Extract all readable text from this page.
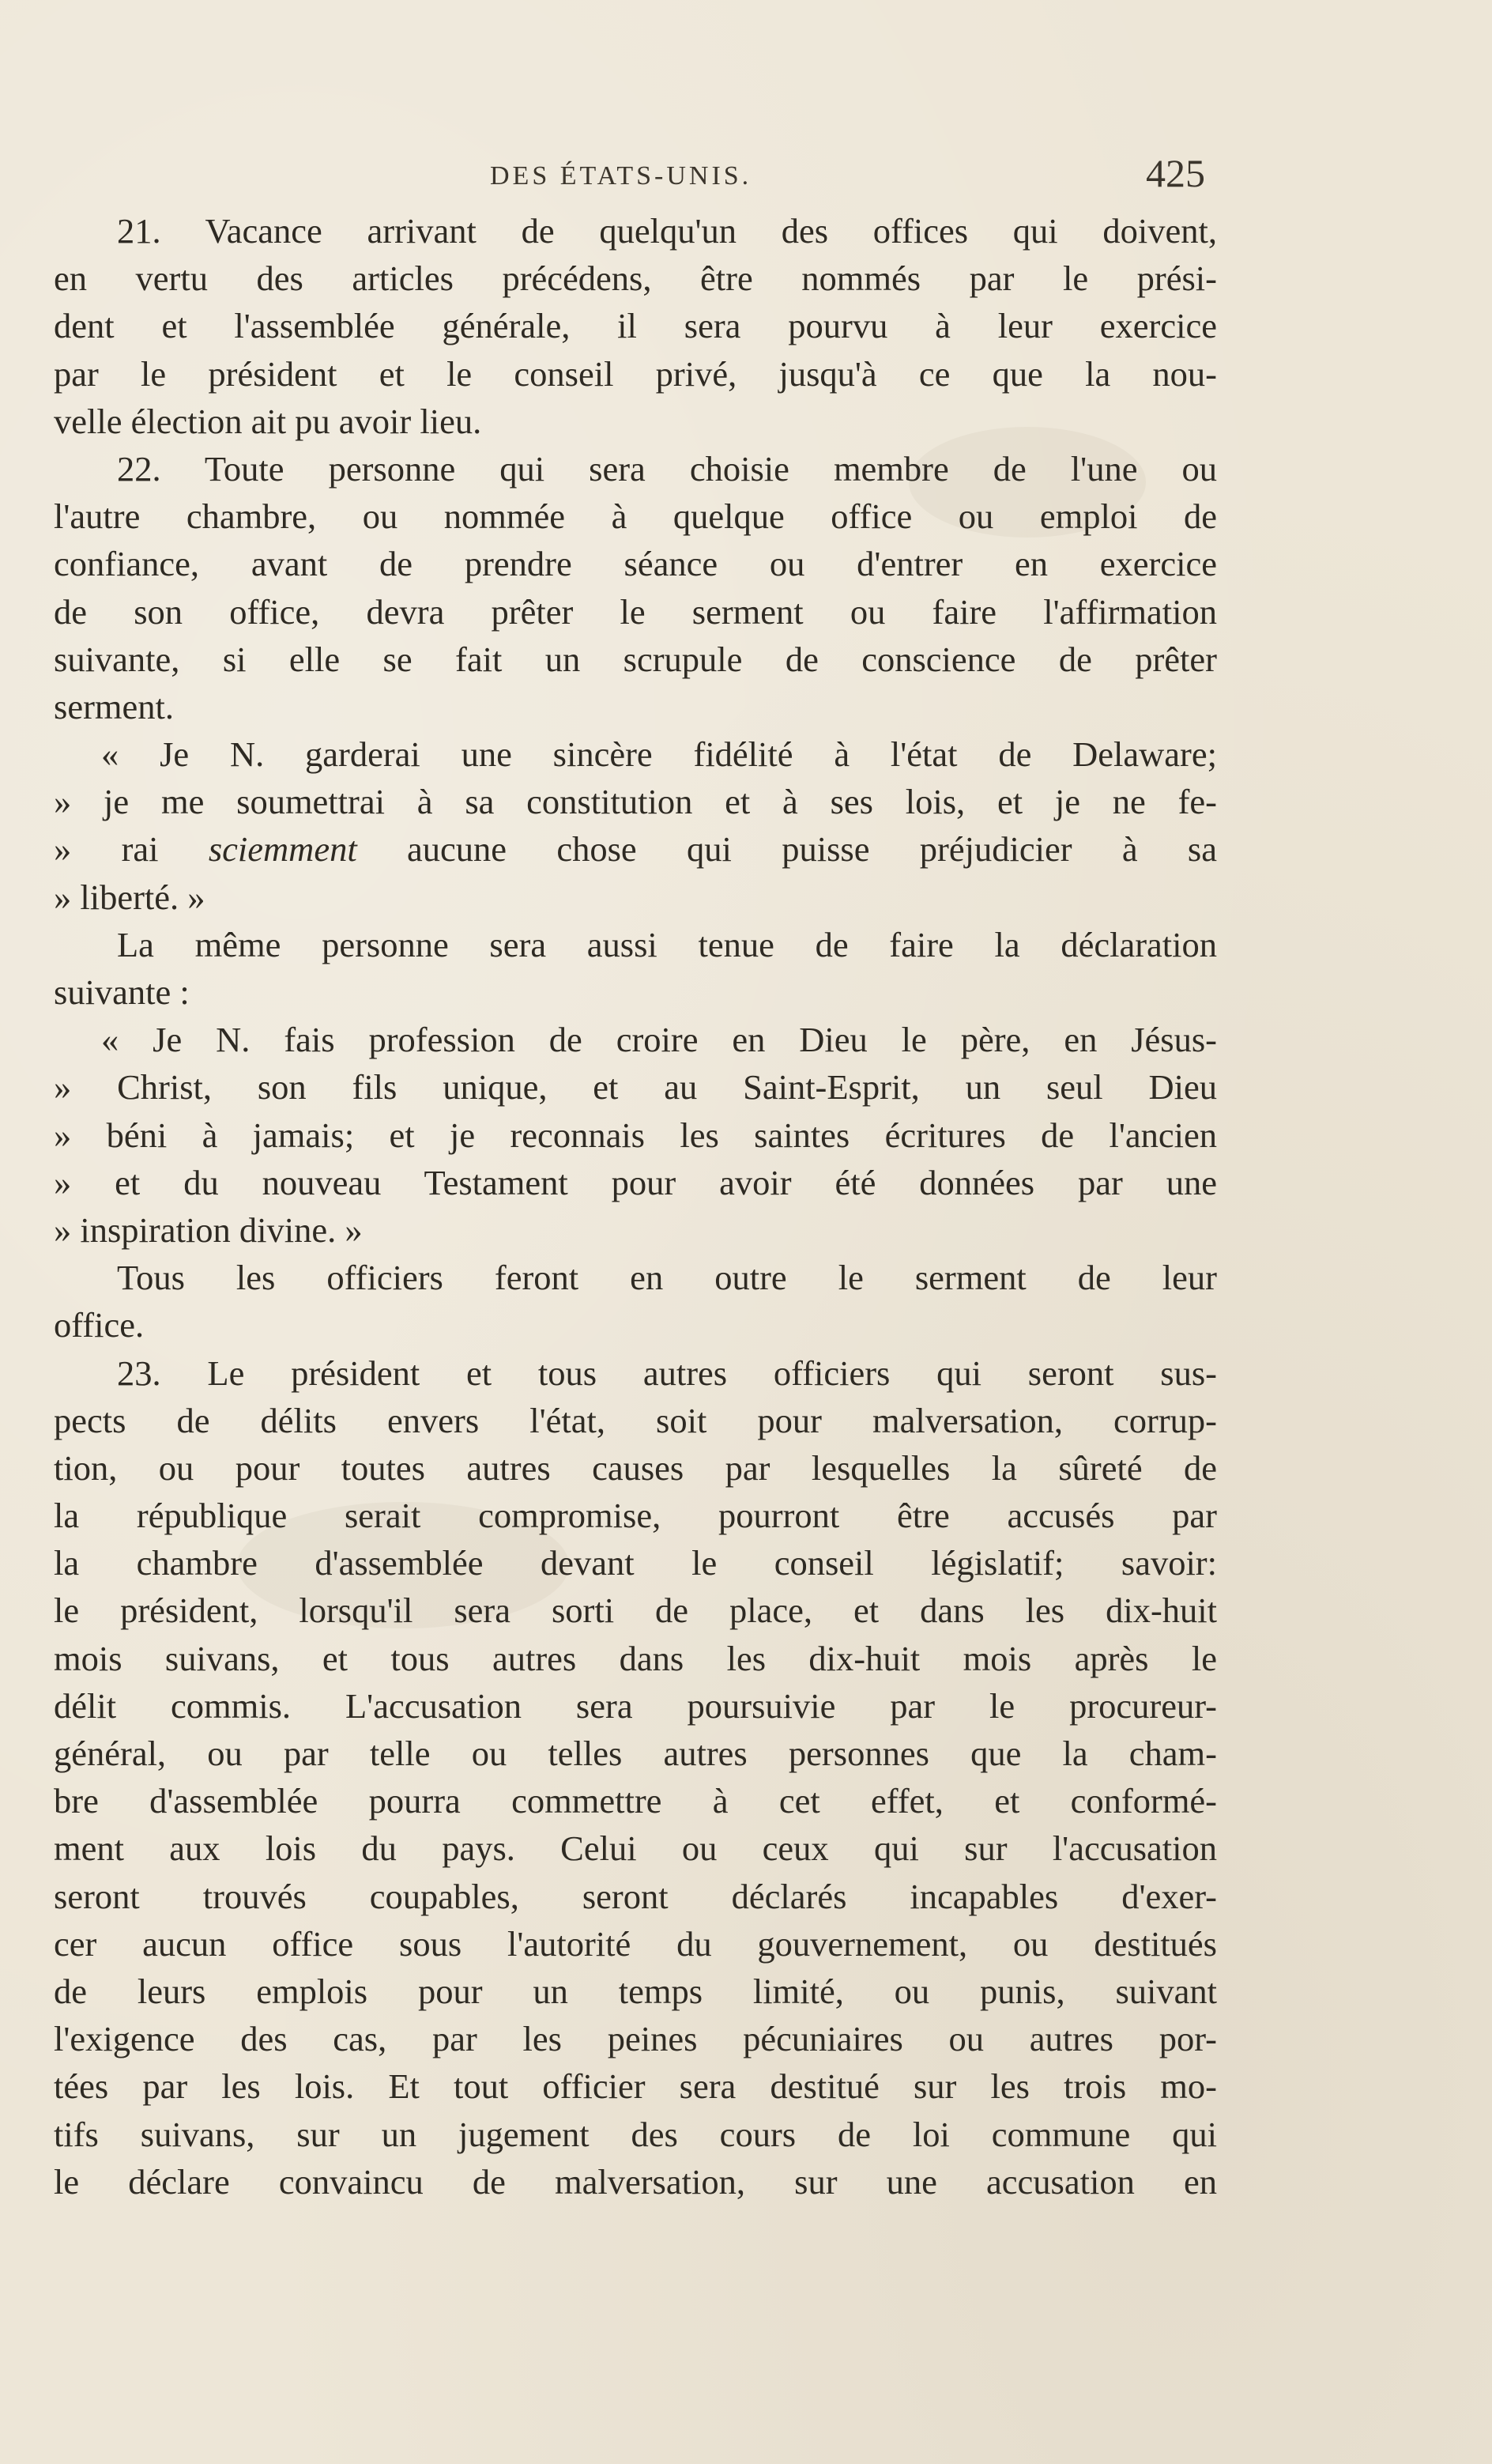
DES ÉTATS-UNIS.	425
21. Vacance arrivant de quelqu'un des offices qui doivent,
en vertu des articles précédens, être nommés par le prési-
dent et l'assemblée générale, il sera pourvu à leur exercice
par le président et le conseil privé, jusqu'à ce que la nou-
velle élection ait pu avoir lieu.
22. Toute personne qui sera choisie membre de l'une ou
l'autre chambre, ou nommée à quelque office ou emploi de
confiance, avant de prendre séance ou d'entrer en exercice
de son office, devra prêter le serment ou faire l'affirmation
suivante, si elle se fait un scrupule de conscience de prêter
serment.
« Je N. garderai une sincère fidélité à l'état de Delaware;
» je me soumettrai à sa constitution et à ses lois, et je ne fe-
» rai sciemment aucune chose qui puisse préjudicier à sa
» liberté. »
La même personne sera aussi tenue de faire la déclaration
suivante :
« Je N. fais profession de croire en Dieu le père, en Jésus-
» Christ, son fils unique, et au Saint-Esprit, un seul Dieu
» béni à jamais; et je reconnais les saintes écritures de l'ancien
» et du nouveau Testament pour avoir été données par une
» inspiration divine. »
Tous les officiers feront en outre le serment de leur
office.
23. Le président et tous autres officiers qui seront sus-
pects de délits envers l'état, soit pour malversation, corrup-
tion, ou pour toutes autres causes par lesquelles la sûreté de
la république serait compromise, pourront être accusés par
la chambre d'assemblée devant le conseil législatif; savoir:
le président, lorsqu'il sera sorti de place, et dans les dix-huit
mois suivans, et tous autres dans les dix-huit mois après le
délit commis. L'accusation sera poursuivie par le procureur-
général, ou par telle ou telles autres personnes que la cham-
bre d'assemblée pourra commettre à cet effet, et conformé-
ment aux lois du pays. Celui ou ceux qui sur l'accusation
seront trouvés coupables, seront déclarés incapables d'exer-
cer aucun office sous l'autorité du gouvernement, ou destitués
de leurs emplois pour un temps limité, ou punis, suivant
l'exigence des cas, par les peines pécuniaires ou autres por-
tées par les lois. Et tout officier sera destitué sur les trois mo-
tifs suivans, sur un jugement des cours de loi commune qui
le déclare convaincu de malversation, sur une accusation en
